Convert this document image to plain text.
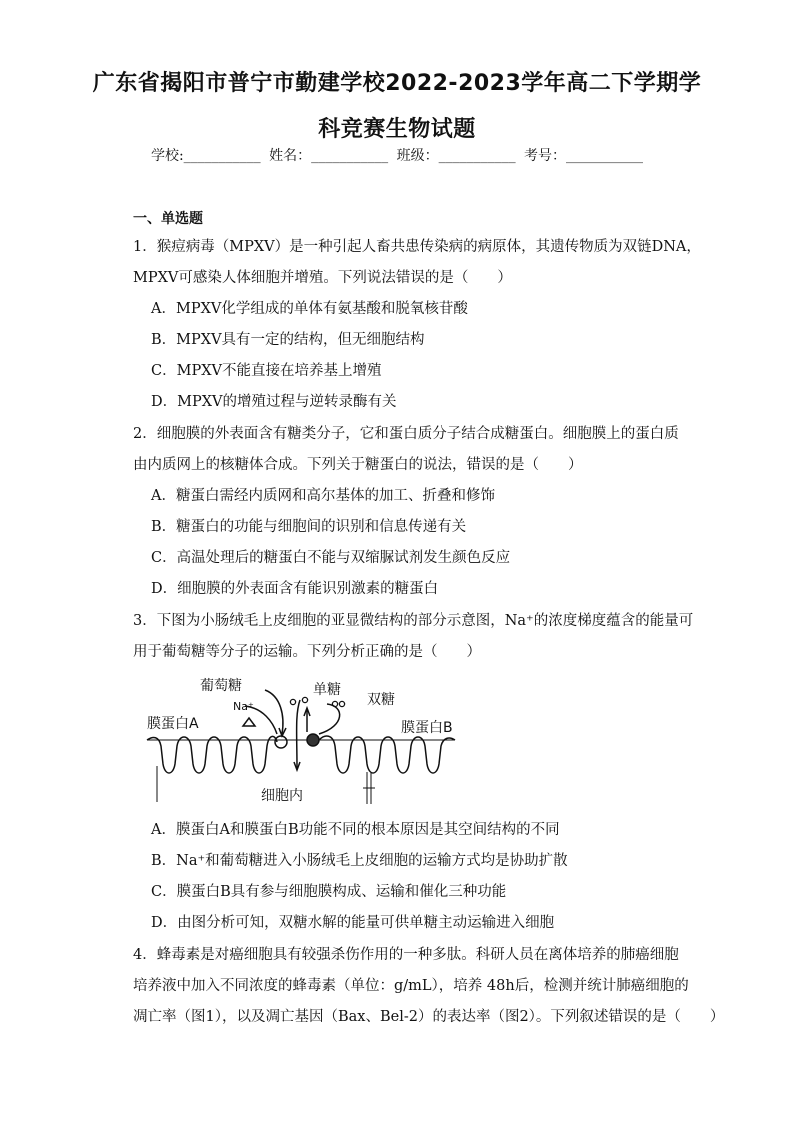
广东省揭阳市普宁市勤建学校2022-2023学年高二下学期学
科竞赛生物试题
学校:___________ 姓名：___________ 班级：___________ 考号：___________
一、单选题
1．猴痘病毒（MPXV）是一种引起人畜共患传染病的病原体，其遗传物质为双链DNA，
MPXV可感染人体细胞并增殖。下列说法错误的是（　　）
A．MPXV化学组成的单体有氨基酸和脱氧核苷酸
B．MPXV具有一定的结构，但无细胞结构
C．MPXV不能直接在培养基上增殖
D．MPXV的增殖过程与逆转录酶有关
2．细胞膜的外表面含有糖类分子，它和蛋白质分子结合成糖蛋白。细胞膜上的蛋白质
由内质网上的核糖体合成。下列关于糖蛋白的说法，错误的是（　　）
A．糖蛋白需经内质网和高尔基体的加工、折叠和修饰
B．糖蛋白的功能与细胞间的识别和信息传递有关
C．高温处理后的糖蛋白不能与双缩脲试剂发生颜色反应
D．细胞膜的外表面含有能识别激素的糖蛋白
3．下图为小肠绒毛上皮细胞的亚显微结构的部分示意图，Na⁺的浓度梯度蕴含的能量可
用于葡萄糖等分子的运输。下列分析正确的是（　　）
葡萄糖
Na⁺
单糖
双糖
膜蛋白A	膜蛋白B
细胞内
A．膜蛋白A和膜蛋白B功能不同的根本原因是其空间结构的不同
B．Na⁺和葡萄糖进入小肠绒毛上皮细胞的运输方式均是协助扩散
C．膜蛋白B具有参与细胞膜构成、运输和催化三种功能
D．由图分析可知，双糖水解的能量可供单糖主动运输进入细胞
4．蜂毒素是对癌细胞具有较强杀伤作用的一种多肽。科研人员在离体培养的肺癌细胞
培养液中加入不同浓度的蜂毒素（单位：g/mL），培养 48h后，检测并统计肺癌细胞的
凋亡率（图1），以及凋亡基因（Bax、Bel-2）的表达率（图2）。下列叙述错误的是（　　）
